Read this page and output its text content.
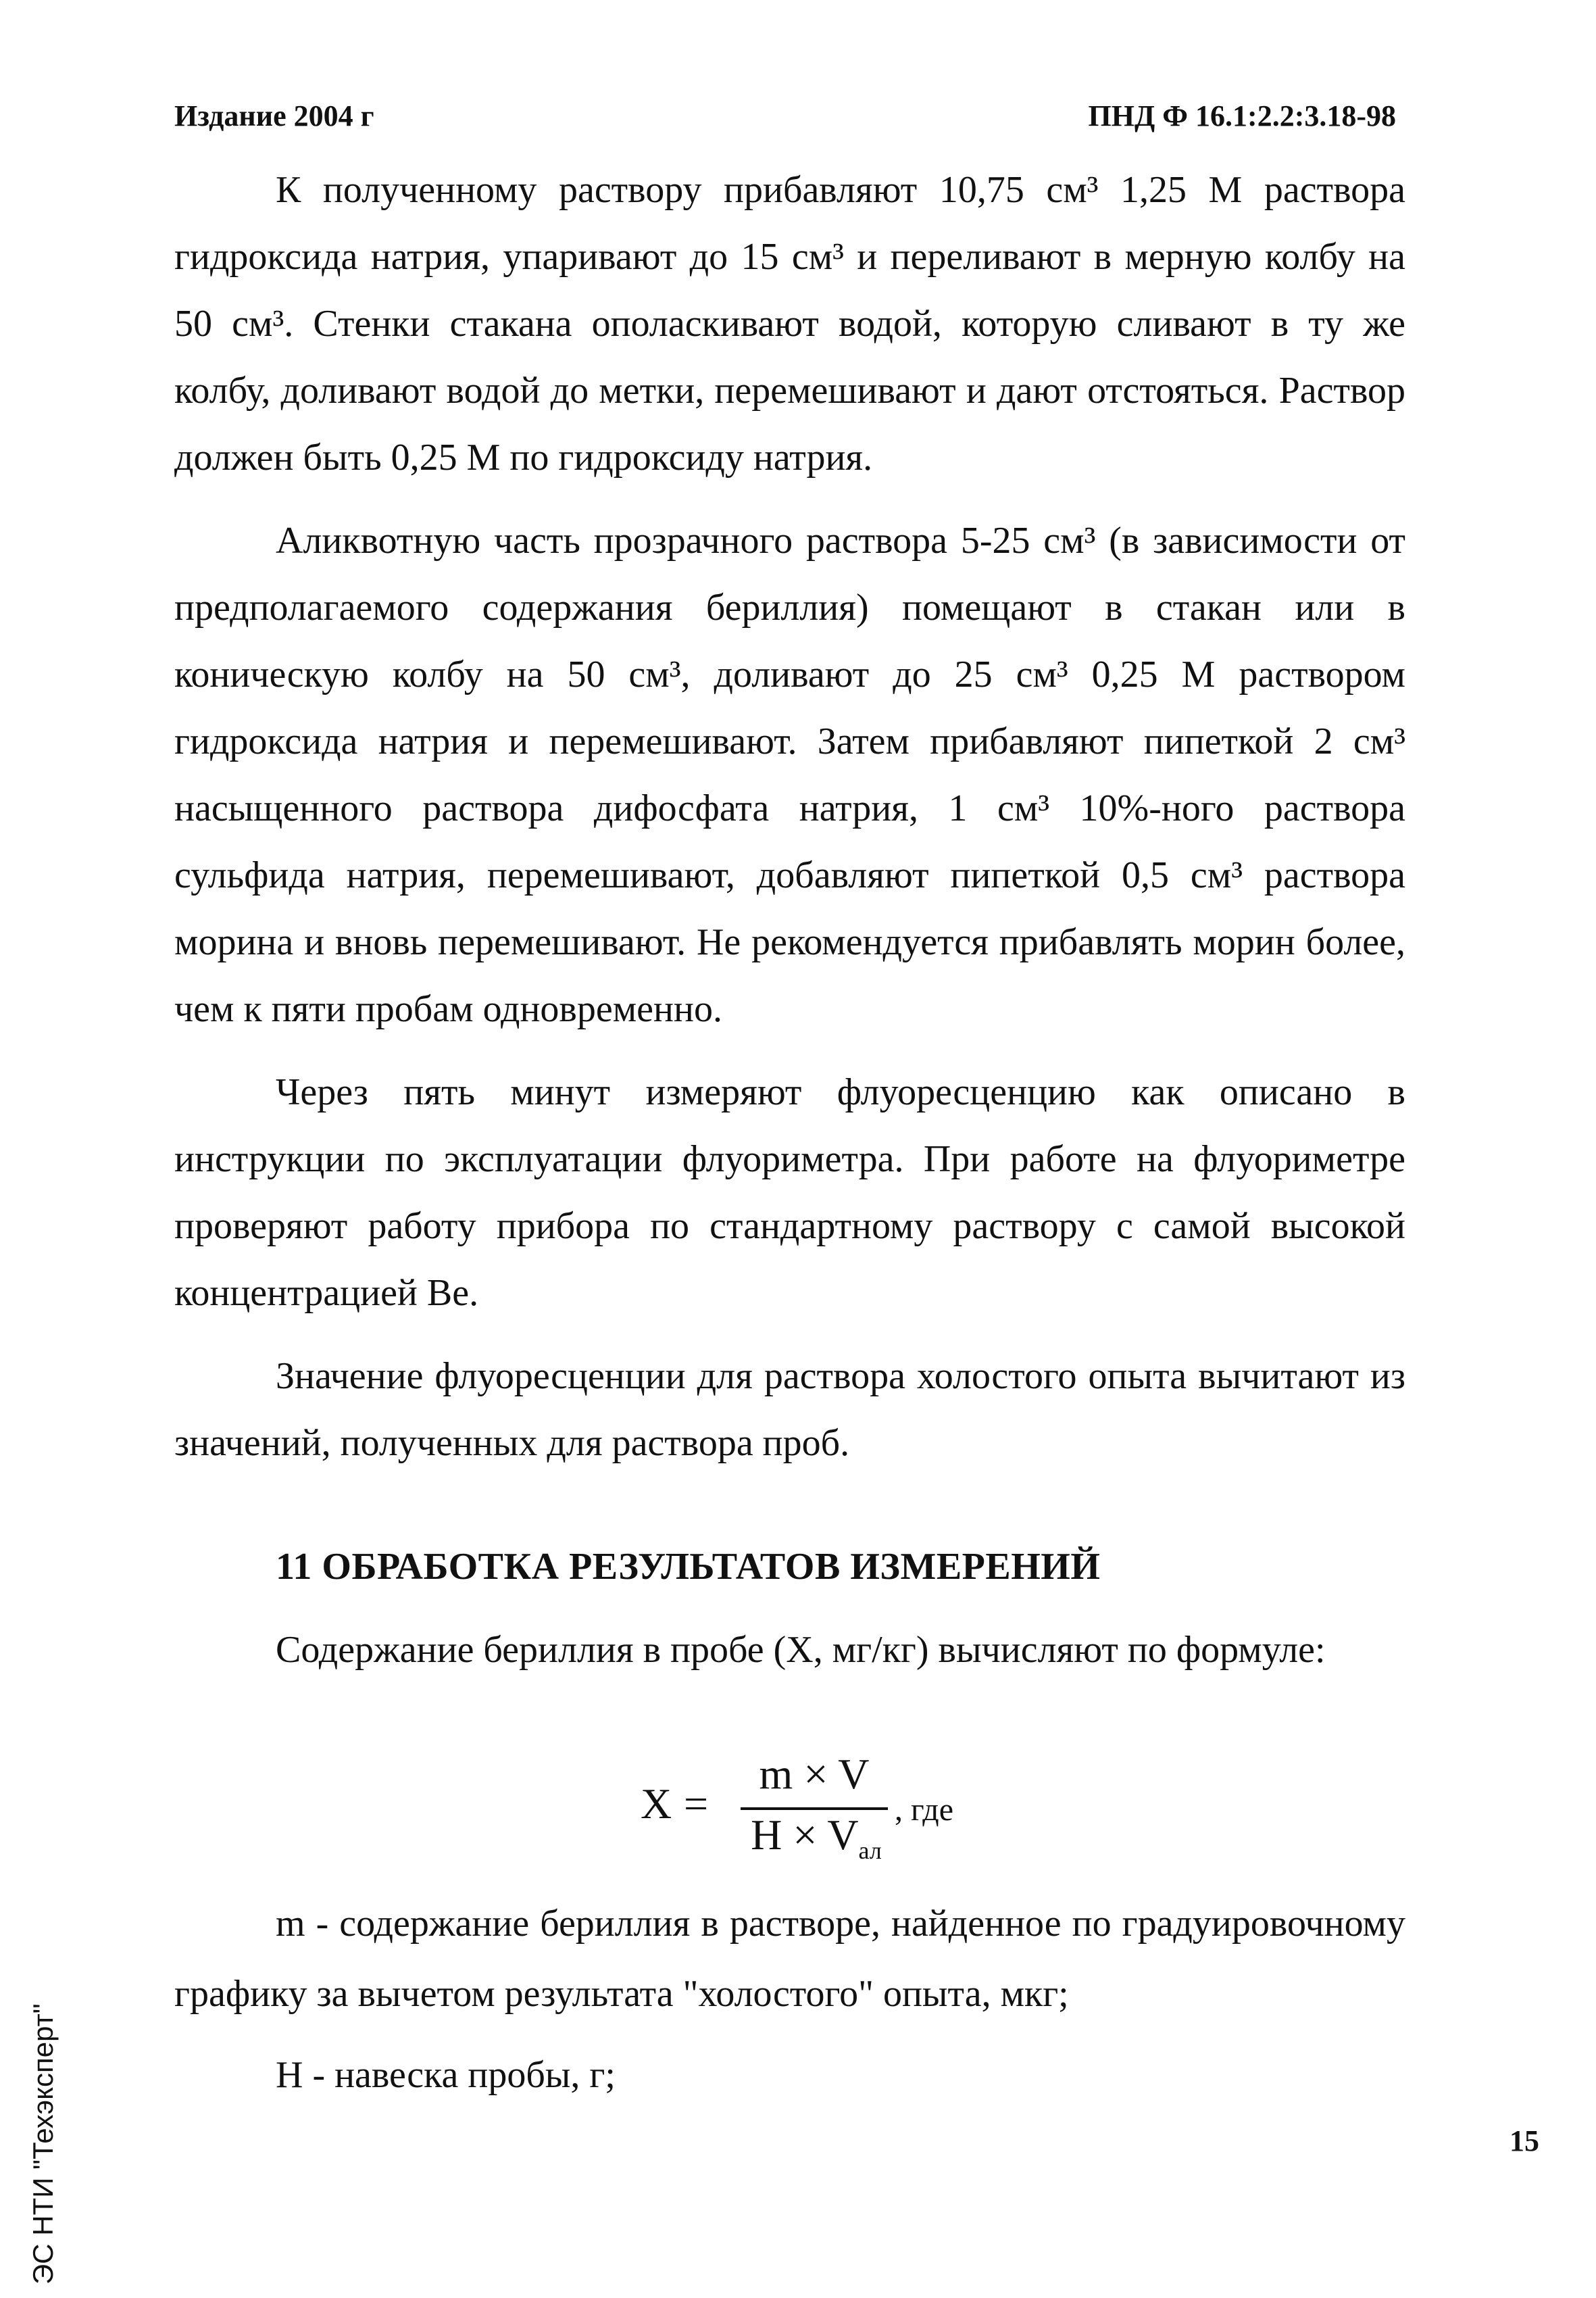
Издание 2004 г	ПНД Ф 16.1:2.2:3.18-98

К полученному раствору прибавляют 10,75 см³ 1,25 М раствора гидроксида натрия, упаривают до 15 см³ и переливают в мерную колбу на 50 см³. Стенки стакана ополаскивают водой, которую сливают в ту же колбу, доливают водой до метки, перемешивают и дают отстояться. Раствор должен быть 0,25 М по гидроксиду натрия.

Аликвотную часть прозрачного раствора 5-25 см³ (в зависимости от предполагаемого содержания бериллия) помещают в стакан или в коническую колбу на 50 см³, доливают до 25 см³ 0,25 М раствором гидроксида натрия и перемешивают. Затем прибавляют пипеткой 2 см³ насыщенного раствора дифосфата натрия, 1 см³ 10%-ного раствора сульфида натрия, перемешивают, добавляют пипеткой 0,5 см³ раствора морина и вновь перемешивают. Не рекомендуется прибавлять морин более, чем к пяти пробам одновременно.

Через пять минут измеряют флуоресценцию как описано в инструкции по эксплуатации флуориметра. При работе на флуориметре проверяют работу прибора по стандартному раствору с самой высокой концентрацией Ве.

Значение флуоресценции для раствора холостого опыта вычитают из значений, полученных для раствора проб.

11 ОБРАБОТКА РЕЗУЛЬТАТОВ ИЗМЕРЕНИЙ

Содержание бериллия в пробе (X, мг/кг) вычисляют по формуле:

X =
m × V
$H \times V_{ал}$
, где

m - содержание бериллия в растворе, найденное по градуировочному графику за вычетом результата "холостого" опыта, мкг;

Н - навеска пробы, г;

ЭС НТИ "Техэксперт"	15
